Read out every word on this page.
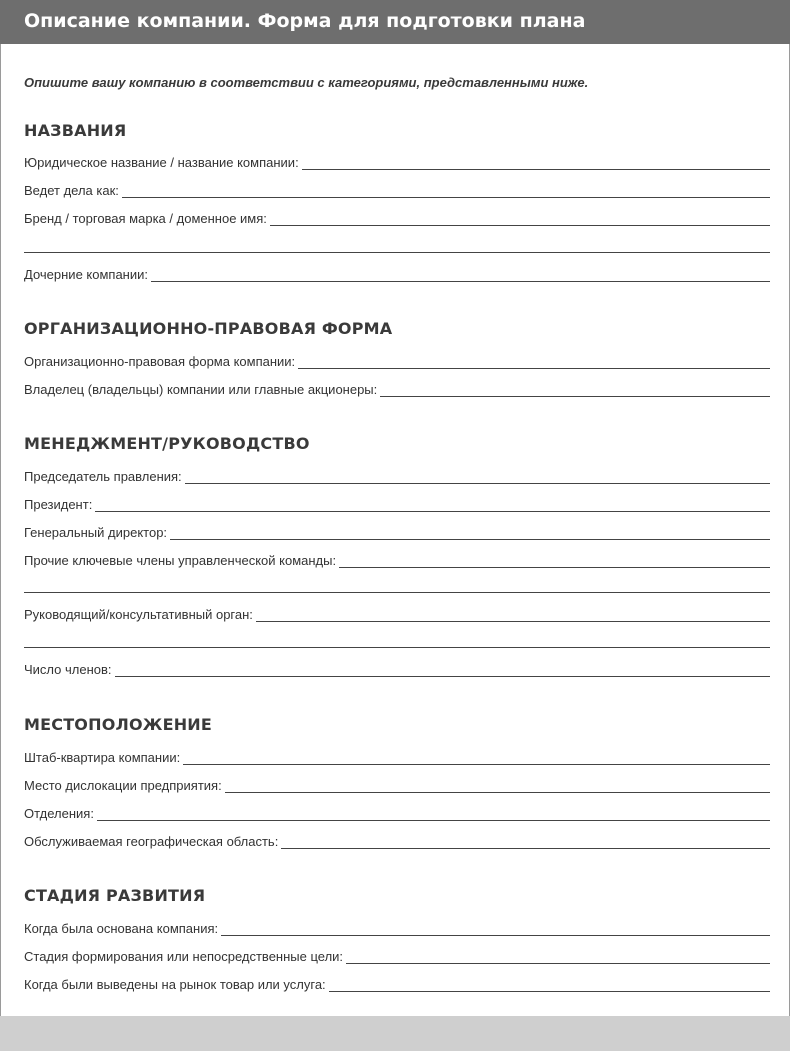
Описание компании. Форма для подготовки плана
Опишите вашу компанию в соответствии с категориями, представленными ниже.
НАЗВАНИЯ
Юридическое название / название компании:
Ведет дела как:
Бренд / торговая марка / доменное имя:
Дочерние компании:
ОРГАНИЗАЦИОННО-ПРАВОВАЯ ФОРМА
Организационно-правовая форма компании:
Владелец (владельцы) компании или главные акционеры:
МЕНЕДЖМЕНТ/РУКОВОДСТВО
Председатель правления:
Президент:
Генеральный директор:
Прочие ключевые члены управленческой команды:
Руководящий/консультативный орган:
Число членов:
МЕСТОПОЛОЖЕНИЕ
Штаб-квартира компании:
Место дислокации предприятия:
Отделения:
Обслуживаемая географическая область:
СТАДИЯ РАЗВИТИЯ
Когда была основана компания:
Стадия формирования или непосредственные цели:
Когда были выведены на рынок товар или услуга:
